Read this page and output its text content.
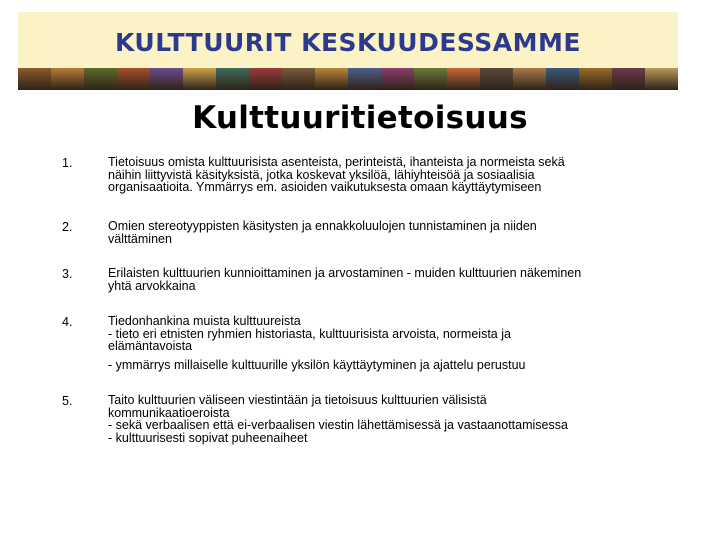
KULTTUURIT KESKUUDESSAMME
Kulttuuritietoisuus
1.	Tietoisuus omista kulttuurisista asenteista, perinteistä, ihanteista ja normeista sekä
näihin liittyvistä käsityksistä, jotka koskevat yksilöä, lähiyhteisöä ja sosiaalisia
organisaatioita. Ymmärrys em. asioiden vaikutuksesta omaan käyttäytymiseen
2.	Omien stereotyyppisten käsitysten ja ennakkoluulojen tunnistaminen ja niiden
välttäminen
3.	Erilaisten kulttuurien kunnioittaminen ja arvostaminen - muiden kulttuurien näkeminen
yhtä arvokkaina
4.	Tiedonhankina muista kulttuureista
- tieto eri etnisten ryhmien historiasta, kulttuurisista arvoista, normeista ja
elämäntavoista
- ymmärrys millaiselle kulttuurille yksilön käyttäytyminen ja ajattelu perustuu
5.	Taito kulttuurien väliseen viestintään ja tietoisuus kulttuurien välisistä
kommunikaatioeroista
- sekä verbaalisen että ei-verbaalisen viestin lähettämisessä ja vastaanottamisessa
- kulttuurisesti sopivat puheenaiheet
